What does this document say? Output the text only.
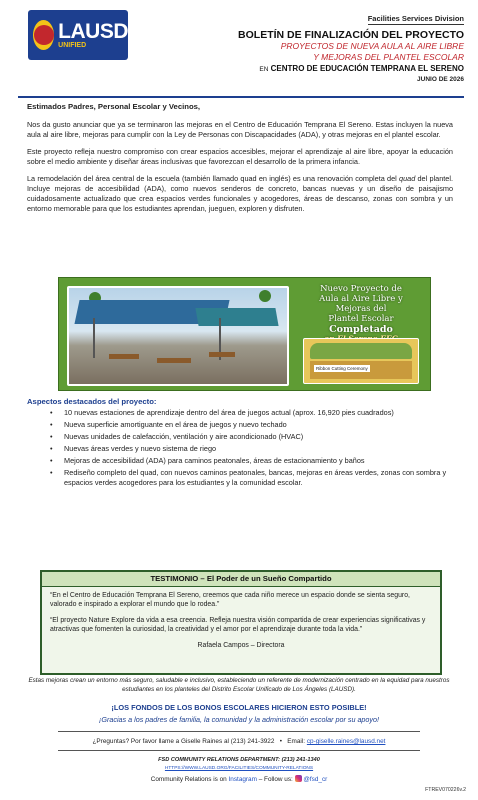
LAUSD
UNIFIED
Facilities Services Division
BOLETÍN DE FINALIZACIÓN DEL PROYECTO
PROYECTOS DE NUEVA AULA AL AIRE LIBRE
Y MEJORAS DEL PLANTEL ESCOLAR
EN CENTRO DE EDUCACIÓN TEMPRANA EL SERENO
JUNIO DE 2026

Estimados Padres, Personal Escolar y Vecinos,

Nos da gusto anunciar que ya se terminaron las mejoras en el Centro de Educación Temprana El Sereno. Estas incluyen la nueva aula al aire libre, mejoras para cumplir con la Ley de Personas con Discapacidades (ADA), y otras mejoras en el plantel escolar.

Este proyecto refleja nuestro compromiso con crear espacios accesibles, mejorar el aprendizaje al aire libre, apoyar la educación sobre el medio ambiente y diseñar áreas inclusivas que favorezcan el desarrollo de la primera infancia.

La remodelación del área central de la escuela (también llamado quad en inglés) es una renovación completa del quad del plantel. Incluye mejoras de accesibilidad (ADA), como nuevos senderos de concreto, bancas nuevas y un diseño de paisajismo cuidadosamente actualizado que crea espacios verdes funcionales y acogedores, áreas de descanso, zonas con sombra y un entorno memorable para que los estudiantes aprendan, jueguen, exploren y disfruten.

Nuevo Proyecto de
Aula al Aire Libre y
Mejoras del
Plantel Escolar
Completado
Ribbon Cutting Ceremony
Aspectos destacados del proyecto:
• 10 nuevas estaciones de aprendizaje dentro del área de juegos actual (aprox. 16,920 pies cuadrados)
• Nueva superficie amortiguante en el área de juegos y nuevo techado
• Nuevas unidades de calefacción, ventilación y aire acondicionado (HVAC)
• Nuevas áreas verdes y nuevo sistema de riego
• Mejoras de accesibilidad (ADA) para caminos peatonales, áreas de estacionamiento y baños
• Rediseño completo del quad, con nuevos caminos peatonales, bancas, mejoras en áreas verdes, zonas con sombra y espacios verdes acogedores para los estudiantes y la comunidad escolar.
TESTIMONIO – El Poder de un Sueño Compartido

“En el Centro de Educación Temprana El Sereno, creemos que cada niño merece un espacio donde se sienta seguro, valorado e inspirado a explorar el mundo que lo rodea.”

“El proyecto Nature Explore da vida a esa creencia. Refleja nuestra visión compartida de crear experiencias significativas y atractivas que fomenten la curiosidad, la creatividad y el amor por el aprendizaje durante toda la vida.”

Rafaela Campos – Directora

Estas mejoras crean un entorno más seguro, saludable e inclusivo, estableciendo un referente de modernización centrado en la equidad para nuestros estudiantes en los planteles del Distrito Escolar Unificado de Los Ángeles (LAUSD).
¡LOS FONDOS DE LOS BONOS ESCOLARES HICIERON ESTO POSIBLE!
¡Gracias a los padres de familia, la comunidad y la administración escolar por su apoyo!
¿Preguntas? Por favor llame a Giselle Raines al (213) 241-3922   •   Email: cp-giselle.raines@lausd.net
FSD COMMUNITY RELATIONS DEPARTMENT: (213) 241-1340
HTTPS://WWW.LAUSD.ORG/FACILITIES/COMMUNITY-RELATIONS
Community Relations is on Instagram – Follow us: @fsd_cr
FTREV070226v.2
